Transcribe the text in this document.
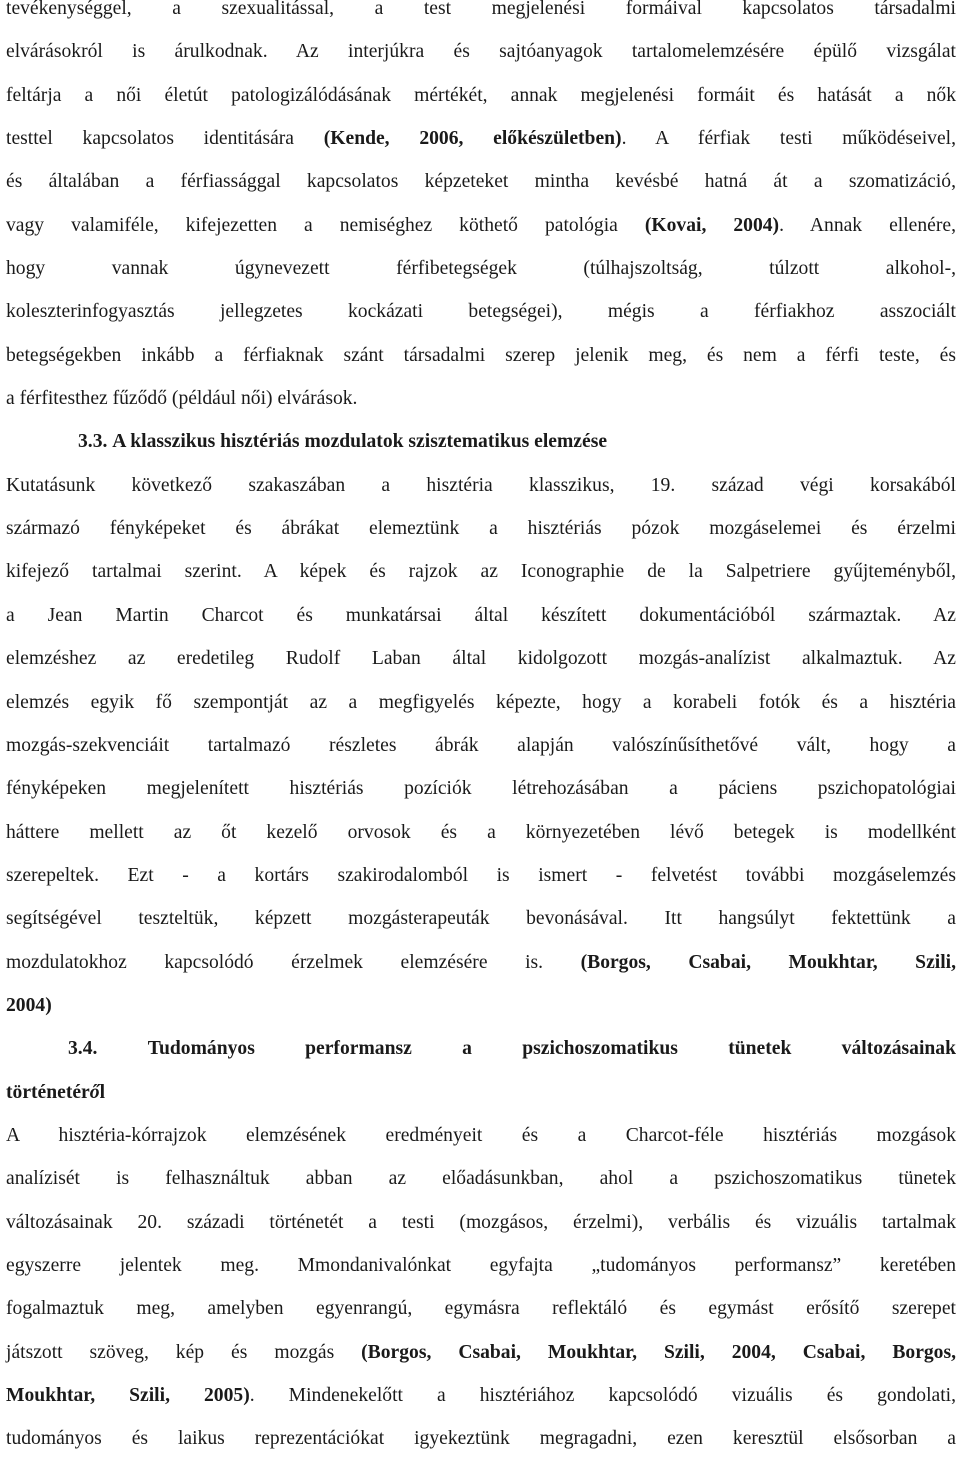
tevékenységgel, a szexualitással, a test megjelenési formáival kapcsolatos társadalmi
elvárásokról is árulkodnak. Az interjúkra és sajtóanyagok tartalomelemzésére épülő vizsgálat
feltárja a női életút patologizálódásának mértékét, annak megjelenési formáit és hatását a nők
testtel kapcsolatos identitására (Kende, 2006, előkészületben). A férfiak testi működéseivel,
és általában a férfiassággal kapcsolatos képzeteket mintha kevésbé hatná át a szomatizáció,
vagy valamiféle, kifejezetten a nemiséghez köthető patológia (Kovai, 2004). Annak ellenére,
hogy vannak úgynevezett férfibetegségek (túlhajszoltság, túlzott alkohol-,
koleszterinfogyasztás jellegzetes kockázati betegségei), mégis a férfiakhoz asszociált
betegségekben inkább a férfiaknak szánt társadalmi szerep jelenik meg, és nem a férfi teste, és
a férfitesthez fűződő (például női) elvárások.
3.3. A klasszikus hisztériás mozdulatok szisztematikus elemzése
Kutatásunk következő szakaszában a hisztéria klasszikus, 19. század végi korsakából
származó fényképeket és ábrákat elemeztünk a hisztériás pózok mozgáselemei és érzelmi
kifejező tartalmai szerint. A képek és rajzok az Iconographie de la Salpetriere gyűjteményből,
a Jean Martin Charcot és munkatársai által készített dokumentációból származtak. Az
elemzéshez az eredetileg Rudolf Laban által kidolgozott mozgás-analízist alkalmaztuk. Az
elemzés egyik fő szempontját az a megfigyelés képezte, hogy a korabeli fotók és a hisztéria
mozgás-szekvenciáit tartalmazó részletes ábrák alapján valószínűsíthetővé vált, hogy a
fényképeken megjelenített hisztériás pozíciók létrehozásában a páciens pszichopatológiai
háttere mellett az őt kezelő orvosok és a környezetében lévő betegek is modellként
szerepeltek. Ezt - a kortárs szakirodalomból is ismert - felvetést további mozgáselemzés
segítségével teszteltük, képzett mozgásterapeuták bevonásával. Itt hangsúlyt fektettünk a
mozdulatokhoz kapcsolódó érzelmek elemzésére is. (Borgos, Csabai, Moukhtar, Szili,
2004)
3.4.	Tudományos performansz a pszichoszomatikus tünetek változásainak
történetéről
A hisztéria-kórrajzok elemzésének eredményeit és a Charcot-féle hisztériás mozgások
analízisét is felhasználtuk abban az előadásunkban, ahol a pszichoszomatikus tünetek
változásainak 20. századi történetét a testi (mozgásos, érzelmi), verbális és vizuális tartalmak
egyszerre jelentek meg. Mmondanivalónkat egyfajta „tudományos performansz” keretében
fogalmaztuk meg, amelyben egyenrangú, egymásra reflektáló és egymást erősítő szerepet
játszott szöveg, kép és mozgás (Borgos, Csabai, Moukhtar, Szili, 2004, Csabai, Borgos,
Moukhtar, Szili, 2005). Mindenekelőtt a hisztériához kapcsolódó vizuális és gondolati,
tudományos és laikus reprezentációkat igyekeztünk megragadni, ezen keresztül elsősorban a
